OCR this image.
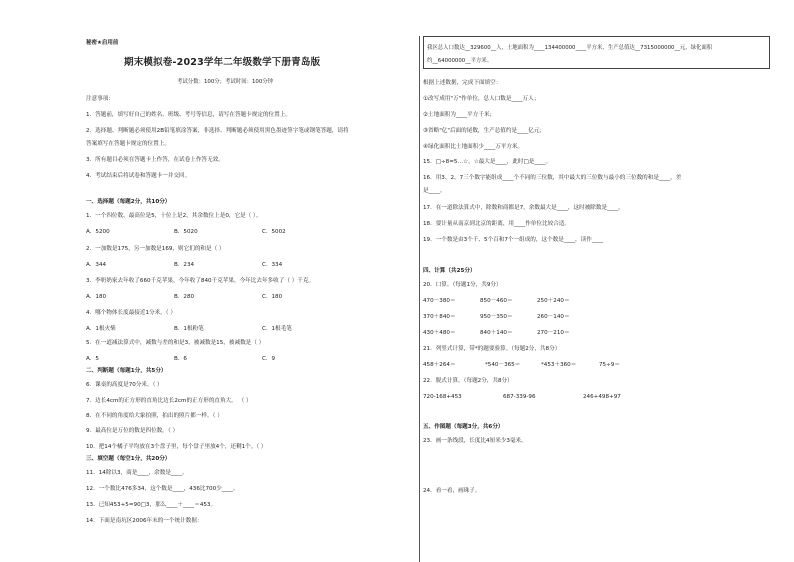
秘密★启用前
期末模拟卷-2023学年二年级数学下册青岛版
考试分数：100分；考试时间：100分钟
注意事项：
1．答题前，填写好自己的姓名、班级、考号等信息，请写在答题卡规定的位置上。
2．选择题、判断题必须使用2B铅笔填涂答案，非选择、判断题必须使用黑色墨迹签字笔或钢笔答题，请将
答案填写在答题卡规定的位置上。
3．所有题目必须在答题卡上作答，在试卷上作答无效。
4．考试结束后将试卷和答题卡一并交回。
一、选择题（每题2分，共10分）
1．一个四位数，最高位是5，十位上是2，其余数位上是0，它是（ ）。
A．5200	B．5020	C．5002
2．一加数是175，另一加数是169，则它们的和是（ ）
A．344	B．234	C．334
3．李奶奶家去年收了660千克苹果，今年收了840千克苹果，今年比去年多收了（ ）千克。
A．180	B．280	C．180
4．哪个物体长度最接近1分米。（ ）
A．1根火柴	B．1根粉笔	C．1根毛笔
5．在一道减法算式中，减数与差的和是3，被减数是15，被减数是（ ）
A．5	B．6	C．9
二、判断题（每题1分，共5分）
6．课桌的高度是70分米。（ ）
7．边长4cm的正方形的直角比边长2cm的正方形的直角大。 （ ）
8．在不同的角度给大象拍照，拍出的照片都一样。（ ）
9．最高位是万位的数是四位数。（ ）
10．把14个橘子平均放在3个盘子里，每个盘子里放4个，还剩1个。（ ）
三、填空题（每空1分，共20分）
11．14除以3，商是____，余数是____。
12．一个数比476多34，这个数是____，436比700少____。
13．已知453+5=90□3，那么____＋____＝453。
14．下面是南坑区2006年末的一个统计数据：
我区总人口数达__329600__人，土地面积为____134400000____平方米，生产总值达__7315000000__元，绿化面积
约__64000000__平方米。
根据上述数据，完成下面填空：
①改写成用"万"作单位，总人口数是____万人；
②土地面积为____平方千米；
③省略"亿"后面的尾数，生产总值约是____亿元；
④绿化面积比土地面积少____万平方米。
15．□÷8=5…☆，☆最大是____，此时□是____。
16．用3、2、7三个数字能组成____个不同的三位数，其中最大的三位数与最小的三位数的和是____，差
是____。
17．在一道除法算式中，除数和商都是7，余数最大是____，这时被除数是____。
18．要计量从南京到北京的距离，用____作单位比较合适。
19．一个数是由3个千、5个百和7个一组成的，这个数是____，读作____
四、计算（共25分）
20．口算。（每题1分，共9分）
470－380＝	850－460＝	250＋240＝
370＋840＝	950－350＝	260－140＝
430＋480＝	840＋140＝	270－210＝
21．列竖式计算，带*的题要验算。（每题2分，共8分）
458＋264＝	*540－365＝	*453＋360＝	75÷9＝
22．脱式计算。（每题2分，共8分）
720-168+453	687-339-96	246+498+97
五、作图题（每题3分，共6分）
23．画一条线段，长度比4厘米少3毫米。
24．看一看，画珠子。
